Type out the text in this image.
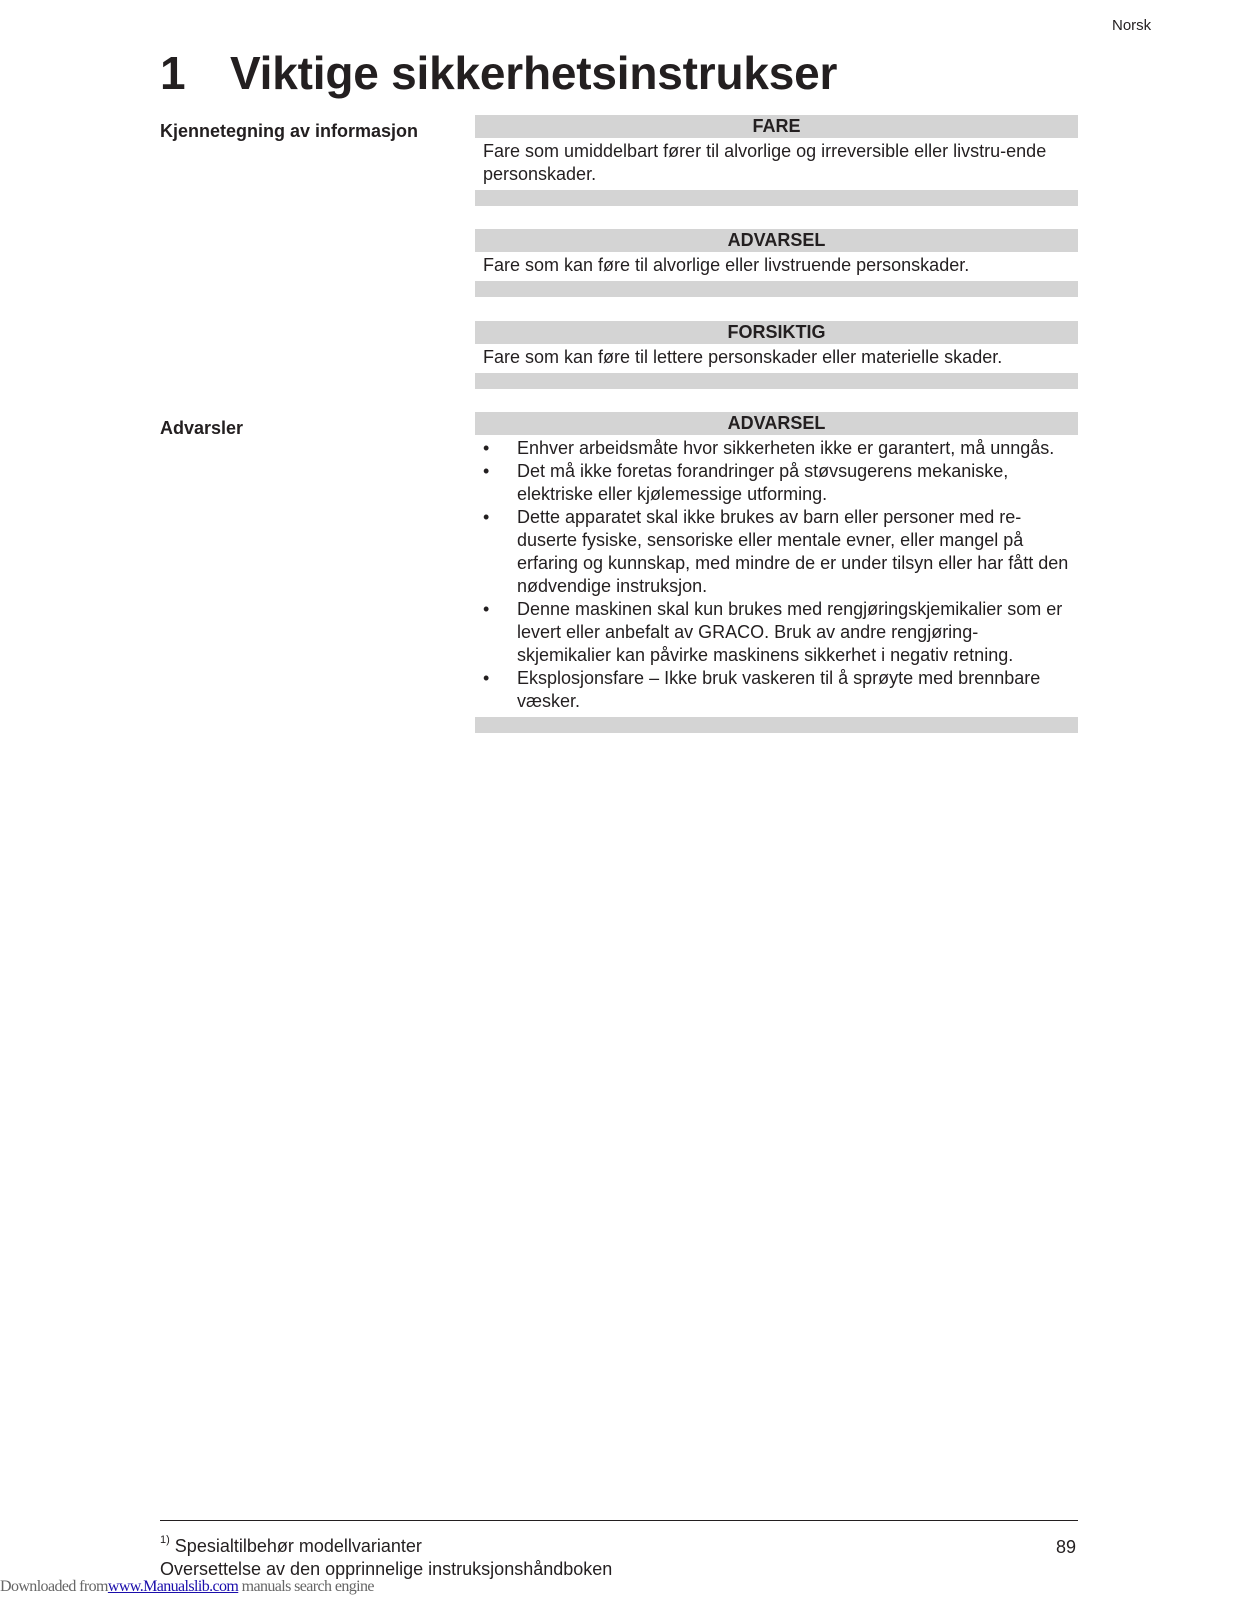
Norsk
1 Viktige sikkerhetsinstrukser
Kjennetegning av informasjon	FARE
Fare som umiddelbart fører til alvorlige og irreversible eller livstru-ende personskader.
ADVARSEL
Fare som kan føre til alvorlige eller livstruende personskader.
FORSIKTIG
Fare som kan føre til lettere personskader eller materielle skader.
Advarsler	ADVARSEL
• Enhver arbeidsmåte hvor sikkerheten ikke er garantert, må unngås.
• Det må ikke foretas forandringer på støvsugerens mekaniske, elektriske eller kjølemessige utforming.
• Dette apparatet skal ikke brukes av barn eller personer med re-duserte fysiske, sensoriske eller mentale evner, eller mangel på erfaring og kunnskap, med mindre de er under tilsyn eller har fått den nødvendige instruksjon.
• Denne maskinen skal kun brukes med rengjøringskjemikalier som er levert eller anbefalt av GRACO. Bruk av andre rengjøring-skjemikalier kan påvirke maskinens sikkerhet i negativ retning.
• Eksplosjonsfare – Ikke bruk vaskeren til å sprøyte med brennbare væsker.
$^{1)}$ Spesialtilbehør modellvarianter	89
Oversettelse av den opprinnelige instruksjonshåndboken
Downloaded fromwww.Manualslib.com manuals search engine
